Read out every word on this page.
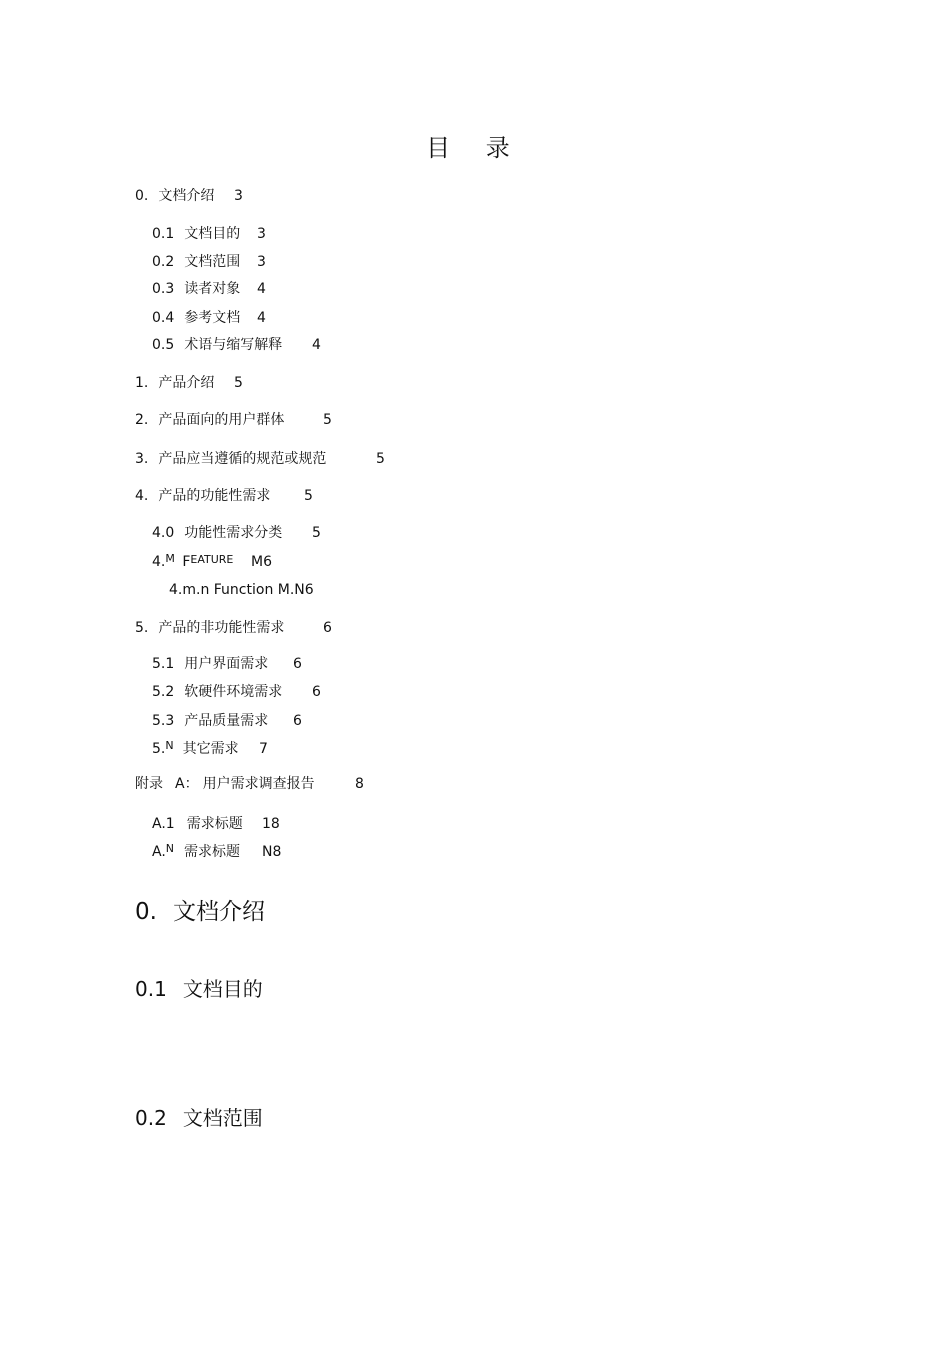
目 录
0. 文档介绍 3
0.1 文档目的 3
0.2 文档范围 3
0.3 读者对象 4
0.4 参考文档 4
0.5 术语与缩写解释 4
1. 产品介绍 5
2. 产品面向的用户群体	5
3. 产品应当遵循的规范或规范	5
4. 产品的功能性需求 5
4.0 功能性需求分类 5
4.M FEATURE M6
4.m.n Function M.N6
5. 产品的非功能性需求	6
5.1 用户界面需求 6
5.2 软硬件环境需求 6
5.3 产品质量需求 6
5.N 其它需求 7
附录 A： 用户需求调查报告	8
A.1 需求标题 18
A.N 需求标题 N8
0. 文档介绍
0.1 文档目的
0.2 文档范围
